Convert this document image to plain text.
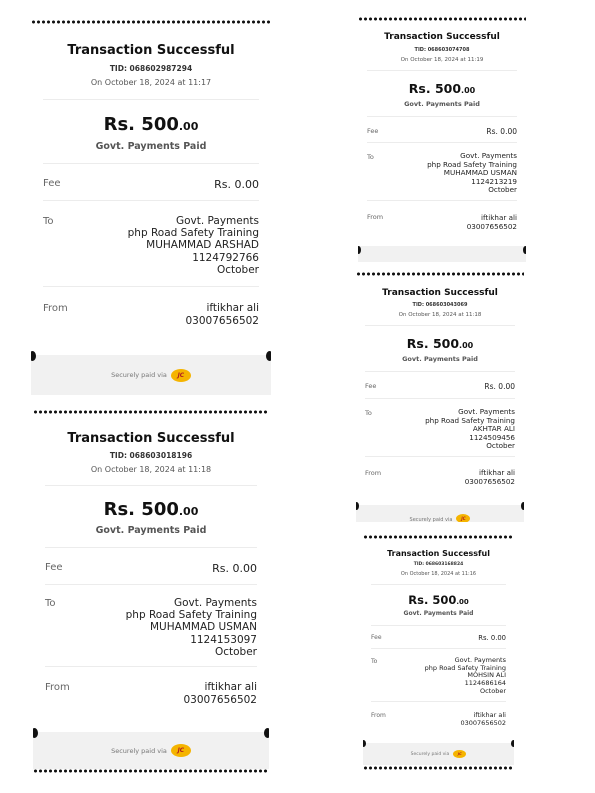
Transaction Successful
TID: 068602987294
On October 18, 2024 at 11:17
Rs. 500.00
Govt. Payments Paid
Fee	Rs. 0.00
To	Govt. Payments
php Road Safety Training
MUHAMMAD ARSHAD
1124792766
October
From	iftikhar ali
03007656502
Securely paid via	JC
Transaction Successful
TID: 068603018196
On October 18, 2024 at 11:18
Rs. 500.00
Govt. Payments Paid
Fee	Rs. 0.00
To	Govt. Payments
php Road Safety Training
MUHAMMAD USMAN
1124153097
October
From	iftikhar ali
03007656502
Securely paid via	JC
Transaction Successful
TID: 068603074708
On October 18, 2024 at 11:19
Rs. 500.00
Govt. Payments Paid
Fee	Rs. 0.00
To	Govt. Payments
php Road Safety Training
MUHAMMAD USMAN
1124213219
October
From	iftikhar ali
03007656502
Transaction Successful
TID: 068603043069
On October 18, 2024 at 11:18
Rs. 500.00
Govt. Payments Paid
Fee	Rs. 0.00
To	Govt. Payments
php Road Safety Training
AKHTAR ALI
1124509456
October
From	iftikhar ali
03007656502
Securely paid via	JC
Transaction Successful
TID: 068603168824
On October 18, 2024 at 11:16
Rs. 500.00
Govt. Payments Paid
Fee	Rs. 0.00
To	Govt. Payments
php Road Safety Training
MOHSIN ALI
1124686164
October
From	iftikhar ali
03007656502
Securely paid via	JC
